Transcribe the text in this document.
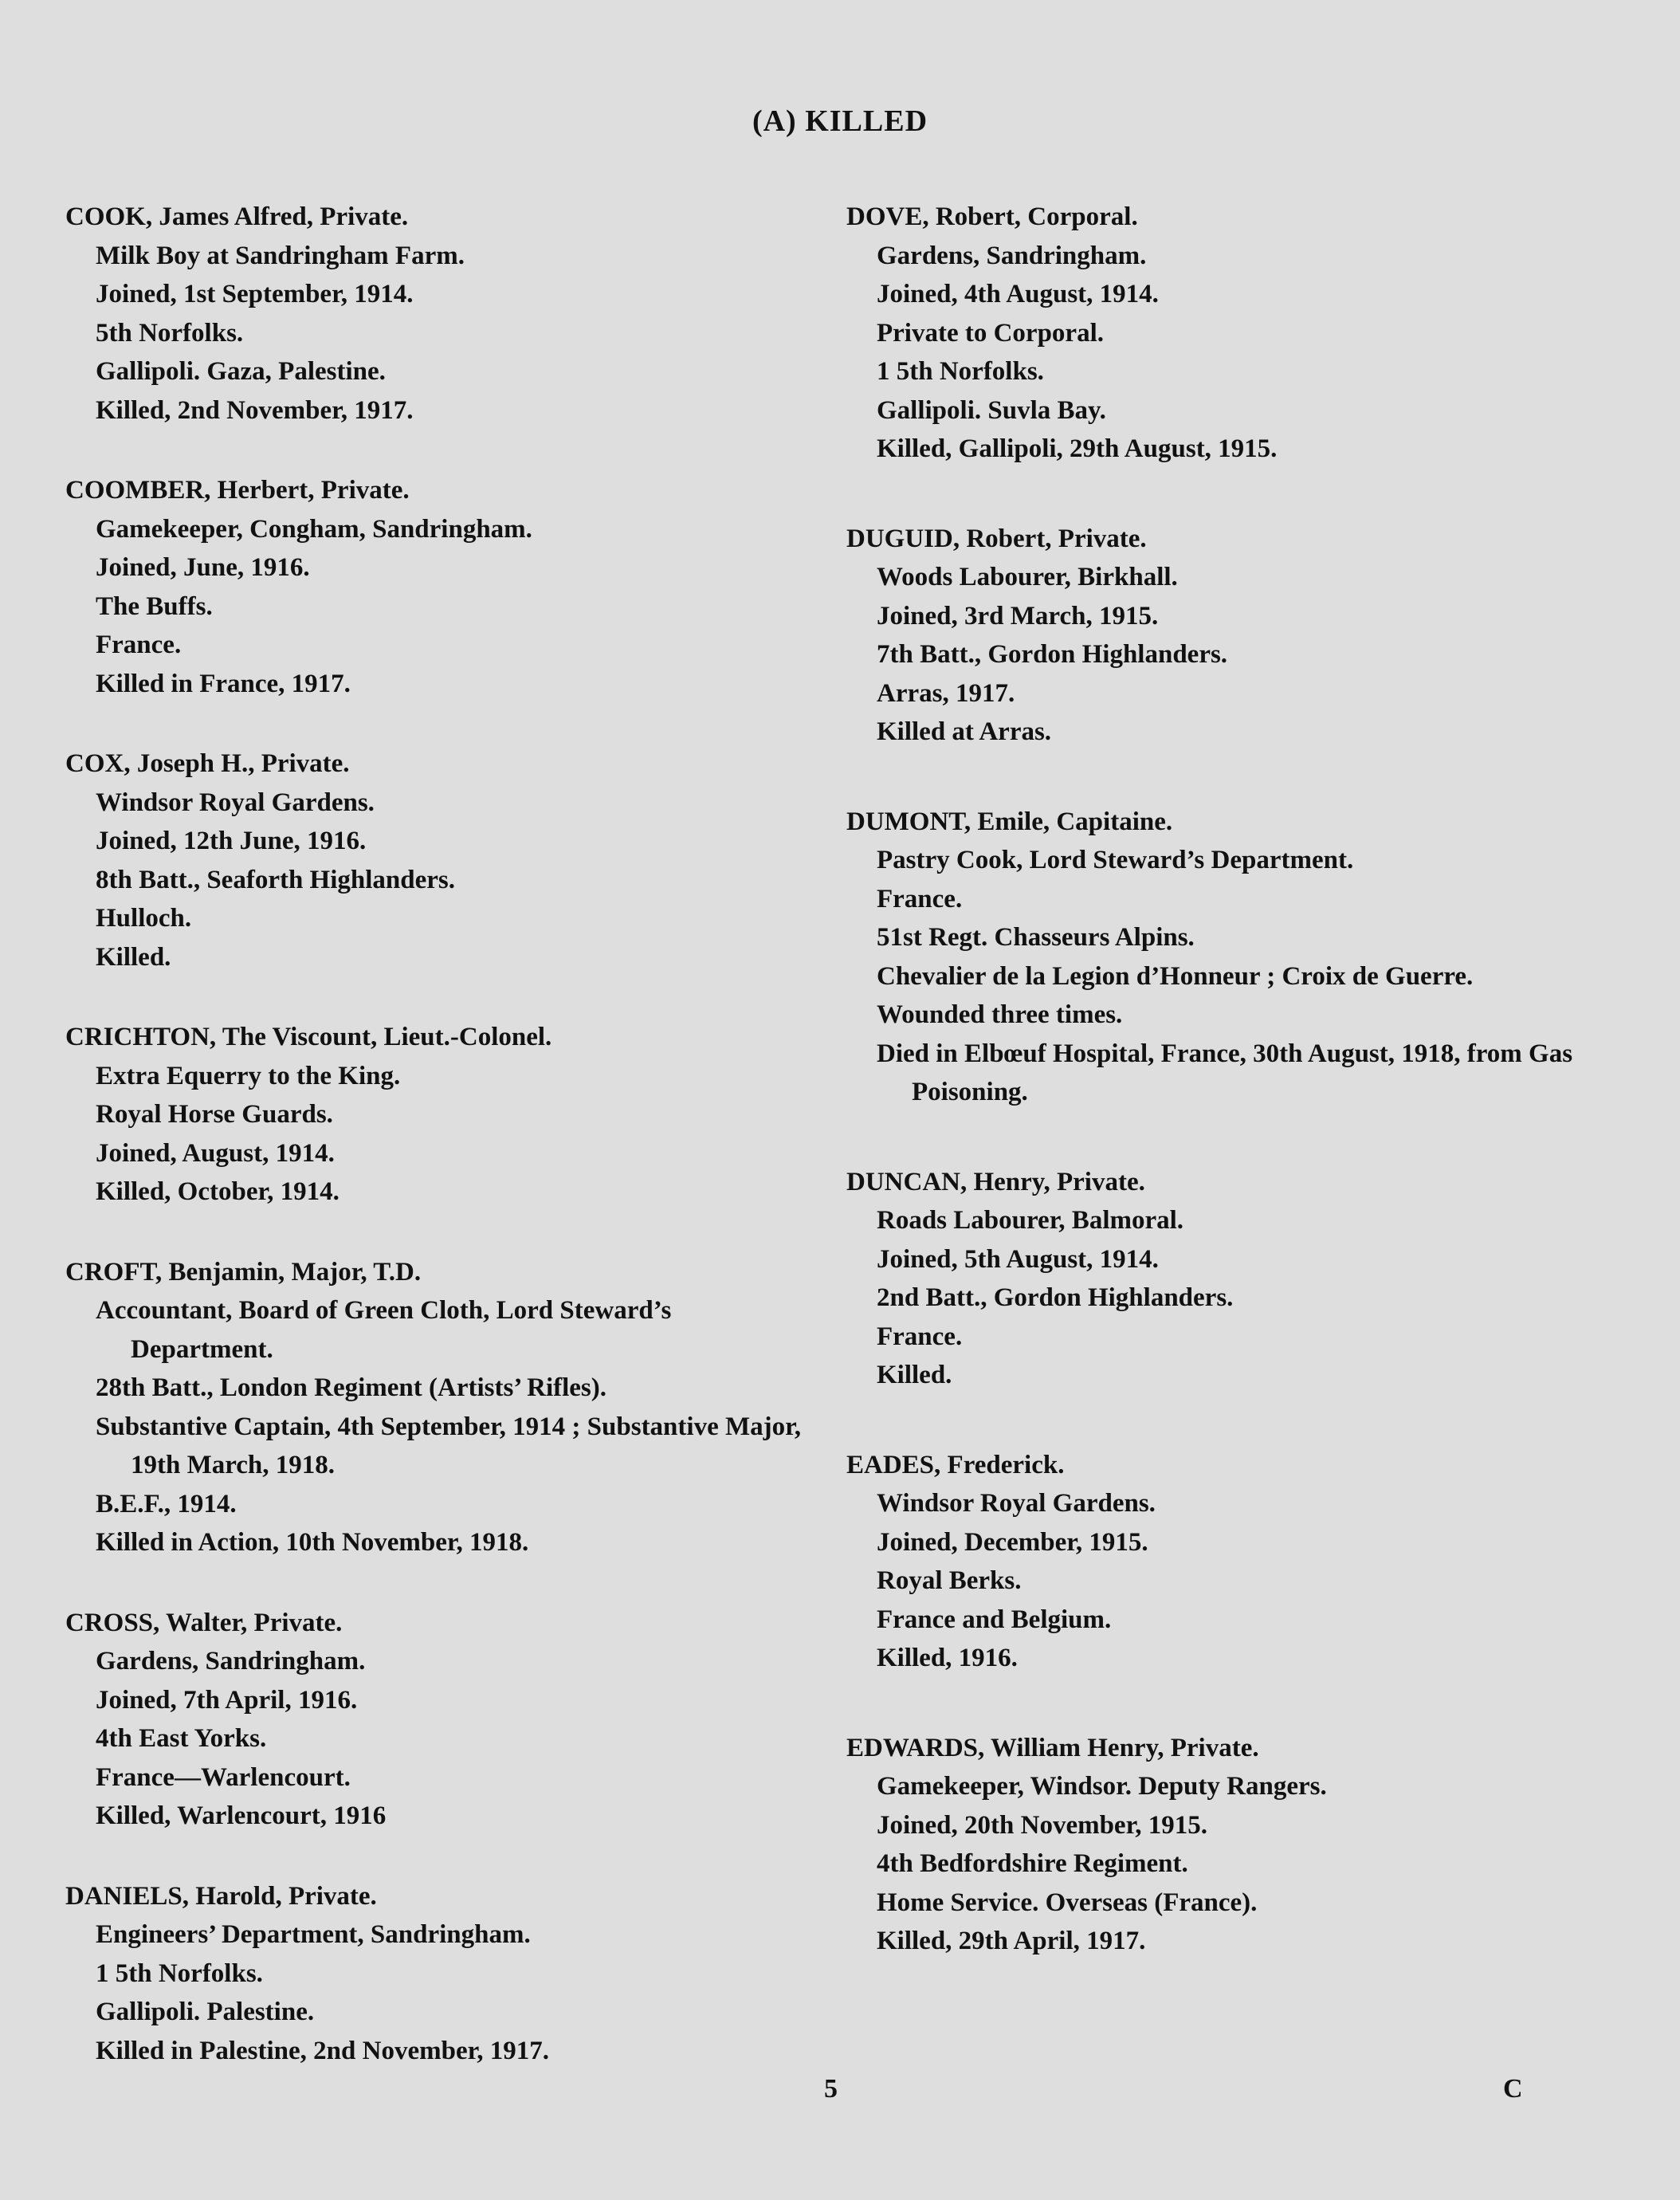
(A) KILLED
COOK, James Alfred, Private.
Milk Boy at Sandringham Farm.
Joined, 1st September, 1914.
5th Norfolks.
Gallipoli. Gaza, Palestine.
Killed, 2nd November, 1917.
COOMBER, Herbert, Private.
Gamekeeper, Congham, Sandringham.
Joined, June, 1916.
The Buffs.
France.
Killed in France, 1917.
COX, Joseph H., Private.
Windsor Royal Gardens.
Joined, 12th June, 1916.
8th Batt., Seaforth Highlanders.
Hulloch.
Killed.
CRICHTON, The Viscount, Lieut.-Colonel.
Extra Equerry to the King.
Royal Horse Guards.
Joined, August, 1914.
Killed, October, 1914.
CROFT, Benjamin, Major, T.D.
Accountant, Board of Green Cloth, Lord Steward’s Department.
28th Batt., London Regiment (Artists’ Rifles).
Substantive Captain, 4th September, 1914 ; Substantive Major, 19th March, 1918.
B.E.F., 1914.
Killed in Action, 10th November, 1918.
CROSS, Walter, Private.
Gardens, Sandringham.
Joined, 7th April, 1916.
4th East Yorks.
France—Warlencourt.
Killed, Warlencourt, 1916
DANIELS, Harold, Private.
Engineers’ Department, Sandringham.
1 5th Norfolks.
Gallipoli. Palestine.
Killed in Palestine, 2nd November, 1917.
DOVE, Robert, Corporal.
Gardens, Sandringham.
Joined, 4th August, 1914.
Private to Corporal.
1 5th Norfolks.
Gallipoli. Suvla Bay.
Killed, Gallipoli, 29th August, 1915.
DUGUID, Robert, Private.
Woods Labourer, Birkhall.
Joined, 3rd March, 1915.
7th Batt., Gordon Highlanders.
Arras, 1917.
Killed at Arras.
DUMONT, Emile, Capitaine.
Pastry Cook, Lord Steward’s Department.
France.
51st Regt. Chasseurs Alpins.
Chevalier de la Legion d’Honneur ; Croix de Guerre.
Wounded three times.
Died in Elbœuf Hospital, France, 30th August, 1918, from Gas Poisoning.
DUNCAN, Henry, Private.
Roads Labourer, Balmoral.
Joined, 5th August, 1914.
2nd Batt., Gordon Highlanders.
France.
Killed.
EADES, Frederick.
Windsor Royal Gardens.
Joined, December, 1915.
Royal Berks.
France and Belgium.
Killed, 1916.
EDWARDS, William Henry, Private.
Gamekeeper, Windsor. Deputy Rangers.
Joined, 20th November, 1915.
4th Bedfordshire Regiment.
Home Service. Overseas (France).
Killed, 29th April, 1917.
5	C
